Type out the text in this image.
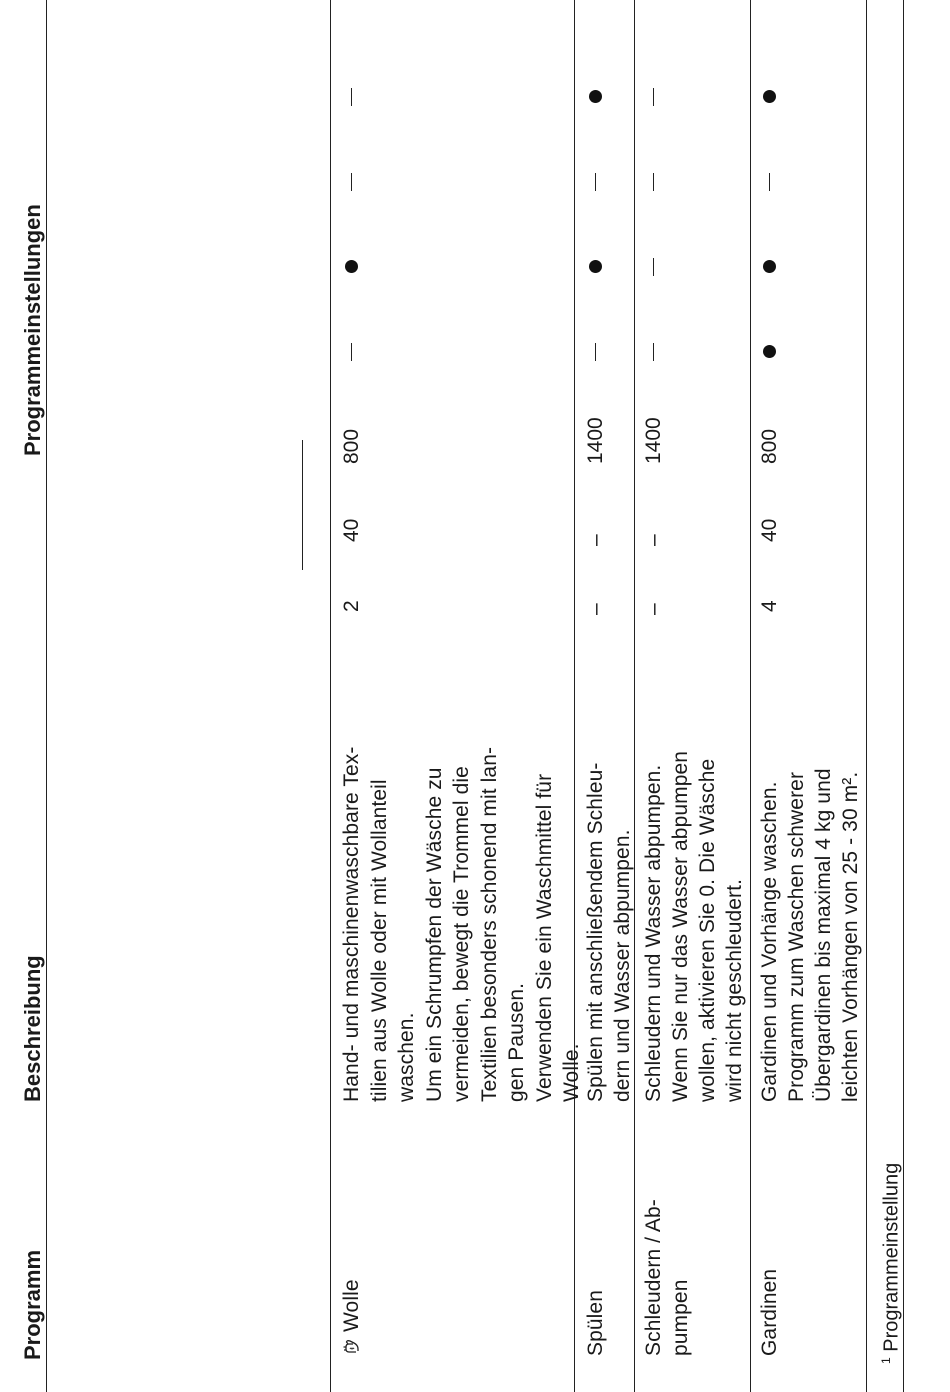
Programm
Beschreibung
Programmeinstellungen
Wolle
Hand- und maschinenwaschbare Tex- tilien aus Wolle oder mit Wollanteil waschen. Um ein Schrumpfen der Wäsche zu vermeiden, bewegt die Trommel die Textilien besonders schonend mit lan- gen Pausen. Verwenden Sie ein Waschmittel für Wolle.
2
40
800
Spülen
Spülen mit anschließendem Schleu- dern und Wasser abpumpen.
–
–
1400
Schleudern / Ab- pumpen
Schleudern und Wasser abpumpen. Wenn Sie nur das Wasser abpumpen wollen, aktivieren Sie 0. Die Wäsche wird nicht geschleudert.
–
–
1400
Gardinen
Gardinen und Vorhänge waschen. Programm zum Waschen schwerer Übergardinen bis maximal 4 kg und leichten Vorhängen von 25 - 30 m².
4
40
800
$^1$ Programmeinstellung
